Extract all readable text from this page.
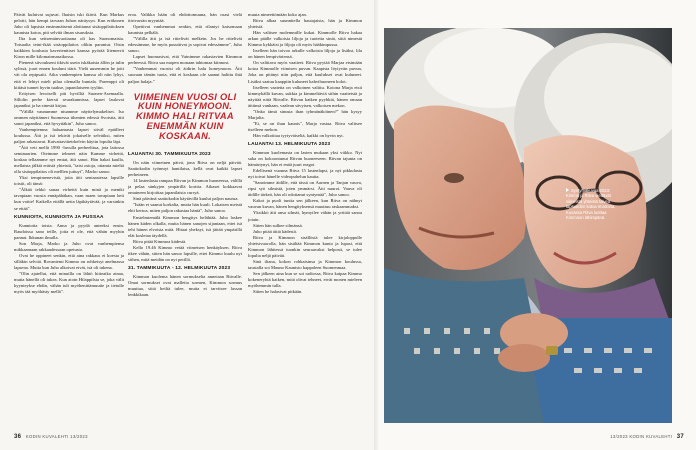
Päivät kuluivat sujuvat. Ihaisin iski ikävä. Kun Markus pelotti, hän kempi tarvaan Juhon näräysyn. Kun eräkonen Juho oli lapsista ensimmäisenä aloittanut sisäoppilaitoksen kaunista kotoa, piti selvitä ilman sisaruksia.

Ilta kun seitsemänvuotiaana oli kas Suonomaista. Toisaalta teini-ikää sisäoppilaitos olikin parantut. Oisin kaikkien koulusta kaverienttiset kanssa pyörää liiemerrit Kiron mille kilomairmasaikossa.

Pienenä siivoukseni itkivät usein iskäkaisia ällön ja tulin sylissä, joari ennen koulunt tiärä. Vielä uusemmin he jotti vät ola repipsaiti. Aika vanhempien kanssa oli niin lyhyt, että ei lehtyt mielt pilaa olemalla huniala. Paremppi oli kiitäsä tunnet hyvin tuakse, japanilaiseen tyyliin.

Erityisen levoisellt piti hyvilliä Suonen-Asemaalla. Sillolin perhe kiersti seurakunnissa, lapset laulovat japaniksi ja ha sinestä kirjaa.

"Välillä vaunumme niuamme näyttelymakeliset. Iso ommen näyttämeri Suomessa tihenten edessä Svoistta, äiti sanoi japaniksi, että hyvyttäkin", Juho sanoo.

Vanhempiemna haluamasta lapset sitväl epäilleet koulussa. Äiti ja isä tekivät jokaiselle selvätksi, miten paljon rakastavat. Kaivattavittetrkelvin käytin lopulta läpi.

"Äiti veti mellä 1990 -luvulla perheelttua, jota laitossa seminaarien. Oteimme telmeet näin Kamme virhettä, koskaa tellaamme nyt emtat, äiti sanoi. Hän hakai kaulla, mellaista jälkiä eräistä yhteistä, "taisi ostoja, ottamia mieltä olla sisäoppilaitos oli melllen juttuyt", Marko sanoo.

Yksi tempimenevistä, jotia äiti sentaastessa lapsille toistit, oli tämä:

"Älkää tehkö sanaa virhettä kuin minä ja meniki tavapiaan vuosia ennäpähäkan, vaan maen tavapiaan heti kun voitte! Kaikella ettällä uetta läpikäytävää, ja varsinkin se ettää".

KUNNIOITA, KUNNIOITA JA PUSSAA

Kunnioita toista. Anna ja pyydä anteeksi ensin. Raudoissa sano teille, joita ei ole, että vähän myyhin pannat. Ikkunan ilmalla.

Son Marja, Marko ja Juho ovat vanhempiensa mikkaamaan rakkaudessaan opetusta.

Ovat he oppineet senkin, että aina rakkaus ei koesta ja silläkin selvitä. Rovaniemi Kimmo on rohkeisyt anelmassa lapsena. Mutta kun Juho alkoivat eivät, isä oli tukena.

"Olin ajatellut, että minuilla on lähtö hiiteaika ainaa, mutta hänellä oli tukea. Kun aioin Hilappilsta se, joka välit kyynteykse ehdin, vähän tuli myöhenittämuutte ja tietulle myös tää myöhästy mellä".

eroa. Valikka hään oli ehdottomuuna, hän osasi vielä tiirivarsän myyntää.

Opettivat vanhemmat senkin, että rilantyi katsomaan kaunista pelkälä.

"Välilla äiti ja isä riitelivät melkein. Jos he riitelivät edessämme, he myös pusuttivat ja sopivat edessämme", Juho sanoo.

Lapset huomasivat, että Vainimme rakastavien Kimmon perheessä. Ritva saa mopen monaan tahtomaa kiinnost.

"Vanhemmat vuosisi oli äidirin halu honeymoon. Äiti suoraan tämän tuota, että ei koskaan ole saanut halittu ihtä paljon halaja."

VIIMEINEN VUOSI OLI KUIN HONEYMOON. KIMMO HALI RITVAA ENEMMÄN KUIN KOSKAAN.
LAUANTAI 30. TAMMIKUUTA 2023

On näin viimeinen päivä, jona Ritva on neljä päivää. Saattokodin työnmyt hantilaisa, kellä ovat kaikki lapset perheineen.

14 lastenlasta rampaa Ritvan ja Kimmon huoneessa, välillä ja pelaa sänkyjen ympärillä korttia. Aikaset kokkaavat omaineen kirjoittaa japanilaista curryä.

Sinä päivänä saattokodin käytävillä kuului paljon naurua.

"Isään ei saanut korkalta, mutta hän kuuli. Lokaisen meistä ehti kertoa, miten paljon rakastaa häntä", Juho sanoo.

Ensielmiemälä Kimmon hengitys helähtää. Juho laskee hänen käden olkalla, mutta hänen sanojen sijantaan, ettei isä tehi hänen elvoista mitä. Hitaat yheksyt, isä jättää ympärillä elät kosletaa täydellä.

Ritva pitää Kimmoa kädestä.

Kello 19.46 Kimmo vetää viimeisen henkäyksen. Ritva itkee vähän, sitten hän sanoo lapsille, ettei Kimmo kuulu nyt siihen, mitä meidän on nyt perillä.

31. TAMMIKUUTA - 12. HELMIKUUTA 2023

Kimmon kuolema hänen sormukselta annetaan Ritvalle. Omat sormukset ovat malleita sormen, Kimmon sormus muuttaa, siitä heiltä tulee, mutta ei tarvitsee lassan lenkkikaan.

muuta nimeettömään koko ajan.

Ritva alkaa suunnitella hautajaisia, hän ja Kimmon yhteisiä.

Hän valitsee molemmille kukat. Kimmolle Ritva hakaa arkun päälle valkoisia liljoja ja tuotetta siniä, siitä nimestä Kimmo kykkäisi ja liljoja oli myös hääkimpussa.

Itselleen hän toivoo arkulle valkoisia liljoja ja lisäksi, lila on hänen lempiväriensä.

On valittava myös vaatteet. Ritva pyytää Marjaa etsimään kotoa Kimmolle viimisen puvun. Kaapista löytyvän puvun, Joka on pitänyt niin paljon, että kaulukset ovat kuluneet. Lisäksi saatuu kaappiin kuluneet kahvihuoneen kolot.

Itselleen vaatetta on valkoinen valittu. Kotona Marja etsii kimmykällä kuvan, sukkia ja kimmeltäviä siihin vaatteistä ja näyttää niitä Ritvalle. Ritvan kaiken pyyhkiä, hänen omaan äitiinsä vanhaan, vaalean sävyisen, valkoisen mekon.

"Onko tämä sinusta ihan tyhmänäköinen?" hän kysyy Marjalta.

"Ei, se on ihan kaunis", Marja vastaa. Ritva valitsee itselleen mekon.

Hän valkoittaa tyytyväiseltä, kaikki on hyvin nyt.

LAUANTAI 13. HELMIKUUTA 2023

Kimmon kuolemasta on lasten mukaan yksi viikko. Nyt saka on kokoontunut Ritvan huoneeseen. Ritvan tajunta on hämärtynyt, hän ei enää juuri reagoi.

Edellisenä vuonna Ritva 15 lastenlapsi, ja nyt pikkulasta nyt toivat hänelle videopuhelun kautta.

"Sanoimme äidille, että tässä on Aarnen ja Tanjan vauva, ripsi syö silmistä, joten ymmärsi. Äiti nauroi. Vauva oli äidille tärkeä, hän oli odottanut syntymää", Juho sanoo.

Kakot ja puoli tuntia sen jälkeen, kun Ritva on nähnyt vauvan kuvan, hänen hengityksensä muuttuu raskaammaksi.

Yksikkö äiti ansa silmät, hymyilee vähän ja yrittää sanoa jotain.

Sitten hän sulkee silmänsä.

Juho pitää äitiä kädestä.

Ritva ja Kimmon sisällöstä tulee kirjaloppulle yhteisivuorolla, hän sisältää Kimmon kunto ja lupasi, että Kimmon lähtiessä tuonkin seuraavaksi helposti, se tulee lopulta neljä päivää.

Sinä iltana, kokon rohkaisinsa ja Kimmon koulussa, taustalla soi Mauno Kaunisto kappaleen Suomenmaa.

Sen jälkeen aina kun se soi radiossa, Ritva kaipaa Kimmo kokeneryhtä kaiken, mitä olivat tehneet, eivät monen mieleen myöhemmin tulla.

Sitten he halasivat pitkään.

36 KODIN KUVALEHTI 13/2023	13/2023 KODIN KUVALEHTI 37
Syntymäkuvaa 2023: Kimmo ja Ritva viettävät viimeistä yhteistä talvea lapsuuden kotoa Imatralta. Kuvassa Ritva luottaa Kimmoon lähimpänä.
